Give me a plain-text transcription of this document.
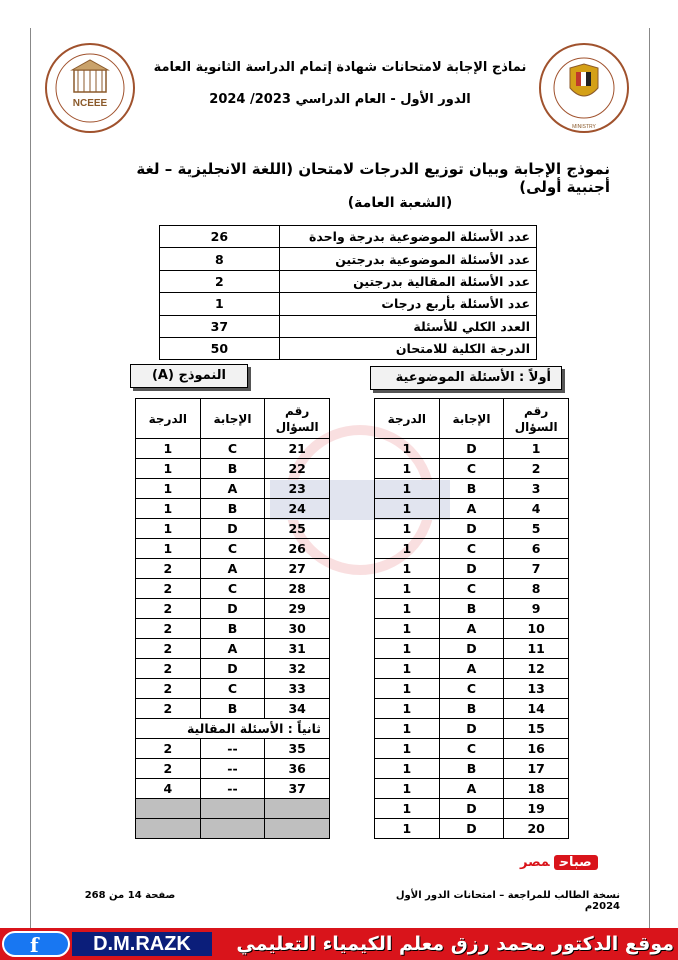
NCEEE
MINISTRY
نماذج الإجابة لامتحانات شهادة إتمام الدراسة الثانوية العامة
الدور الأول - العام الدراسي 2023/ 2024
نموذج الإجابة وبيان توزيع الدرجات لامتحان (اللغة الانجليزية – لغة أجنبية أولى)
(الشعبة العامة)
عدد الأسئلة الموضوعية بدرجة واحدة	26
عدد الأسئلة الموضوعية بدرجتين	8
عدد الأسئلة المقالية بدرجتين	2
عدد الأسئلة بأربع درجات	1
العدد الكلي للأسئلة	37
الدرجة الكلية للامتحان	50
أولاً : الأسئلة الموضوعية
النموذج (A)
رقم السؤال	الإجابة	الدرجة
1	D	1
2	C	1
3	B	1
4	A	1
5	D	1
6	C	1
7	D	1
8	C	1
9	B	1
10	A	1
11	D	1
12	A	1
13	C	1
14	B	1
15	D	1
16	C	1
17	B	1
18	A	1
19	D	1
20	D	1
رقم السؤال	الإجابة	الدرجة
21	C	1
22	B	1
23	A	1
24	B	1
25	D	1
26	C	1
27	A	2
28	C	2
29	D	2
30	B	2
31	A	2
32	D	2
33	C	2
34	B	2
ثانياً : الأسئلة المقالية		
35	--	2
36	--	2
37	--	4

صباحمصر
نسخة الطالب للمراجعة – امتحانات الدور الأول 2024م
صفحة 14 من 268
f	D.M.RAZK	موقع الدكتور محمد رزق معلم الكيمياء التعليمي
